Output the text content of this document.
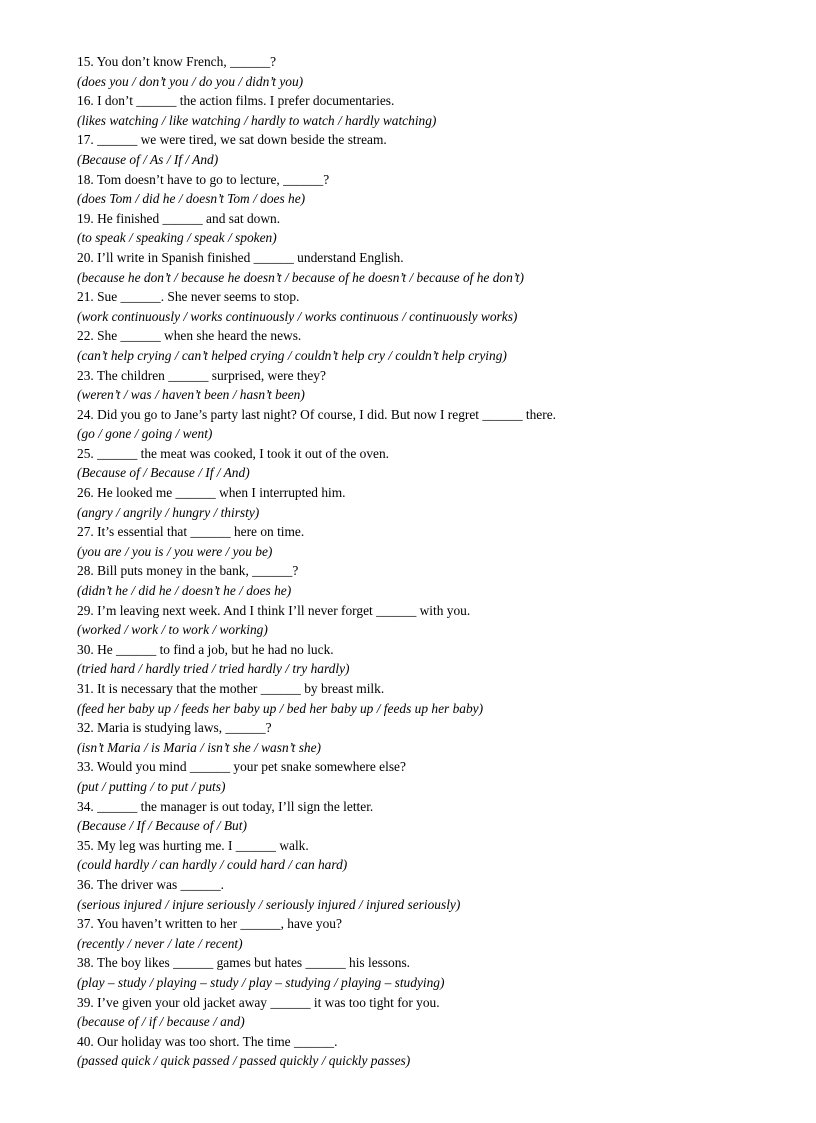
15. You don’t know French, ______?
(does you / don’t you / do you / didn’t you)
16. I don’t ______ the action films. I prefer documentaries.
(likes watching / like watching / hardly to watch / hardly watching)
17. ______ we were tired, we sat down beside the stream.
(Because of / As / If / And)
18. Tom doesn’t have to go to lecture, ______?
(does Tom / did he / doesn’t Tom / does he)
19. He finished ______ and sat down.
(to speak / speaking / speak / spoken)
20. I’ll write in Spanish finished ______ understand English.
(because he don’t / because he doesn’t / because of he doesn’t / because of he don’t)
21. Sue ______. She never seems to stop.
(work continuously / works continuously / works continuous / continuously works)
22. She ______ when she heard the news.
(can’t help crying / can’t helped crying / couldn’t help cry / couldn’t help crying)
23. The children ______ surprised, were they?
(weren’t / was / haven’t been / hasn’t been)
24. Did you go to Jane’s party last night? Of course, I did. But now I regret ______ there.
(go / gone / going / went)
25. ______ the meat was cooked, I took it out of the oven.
(Because of / Because / If / And)
26. He looked me ______ when I interrupted him.
(angry / angrily / hungry / thirsty)
27. It’s essential that ______ here on time.
(you are / you is / you were / you be)
28. Bill puts money in the bank, ______?
(didn’t he / did he / doesn’t he / does he)
29. I’m leaving next week. And I think I’ll never forget ______ with you.
(worked / work / to work / working)
30. He ______ to find a job, but he had no luck.
(tried hard / hardly tried / tried hardly / try hardly)
31. It is necessary that the mother ______ by breast milk.
(feed her baby up / feeds her baby up / bed her baby up / feeds up her baby)
32. Maria is studying laws, ______?
(isn’t Maria / is Maria / isn’t she / wasn’t she)
33. Would you mind ______ your pet snake somewhere else?
(put / putting / to put / puts)
34. ______ the manager is out today, I’ll sign the letter.
(Because / If / Because of / But)
35. My leg was hurting me. I ______ walk.
(could hardly / can hardly / could hard / can hard)
36. The driver was ______.
(serious injured / injure seriously / seriously injured / injured seriously)
37. You haven’t written to her ______, have you?
(recently / never / late / recent)
38. The boy likes ______ games but hates ______ his lessons.
(play – study / playing – study / play – studying / playing – studying)
39. I’ve given your old jacket away ______ it was too tight for you.
(because of / if / because / and)
40. Our holiday was too short. The time ______.
(passed quick / quick passed / passed quickly / quickly passes)
